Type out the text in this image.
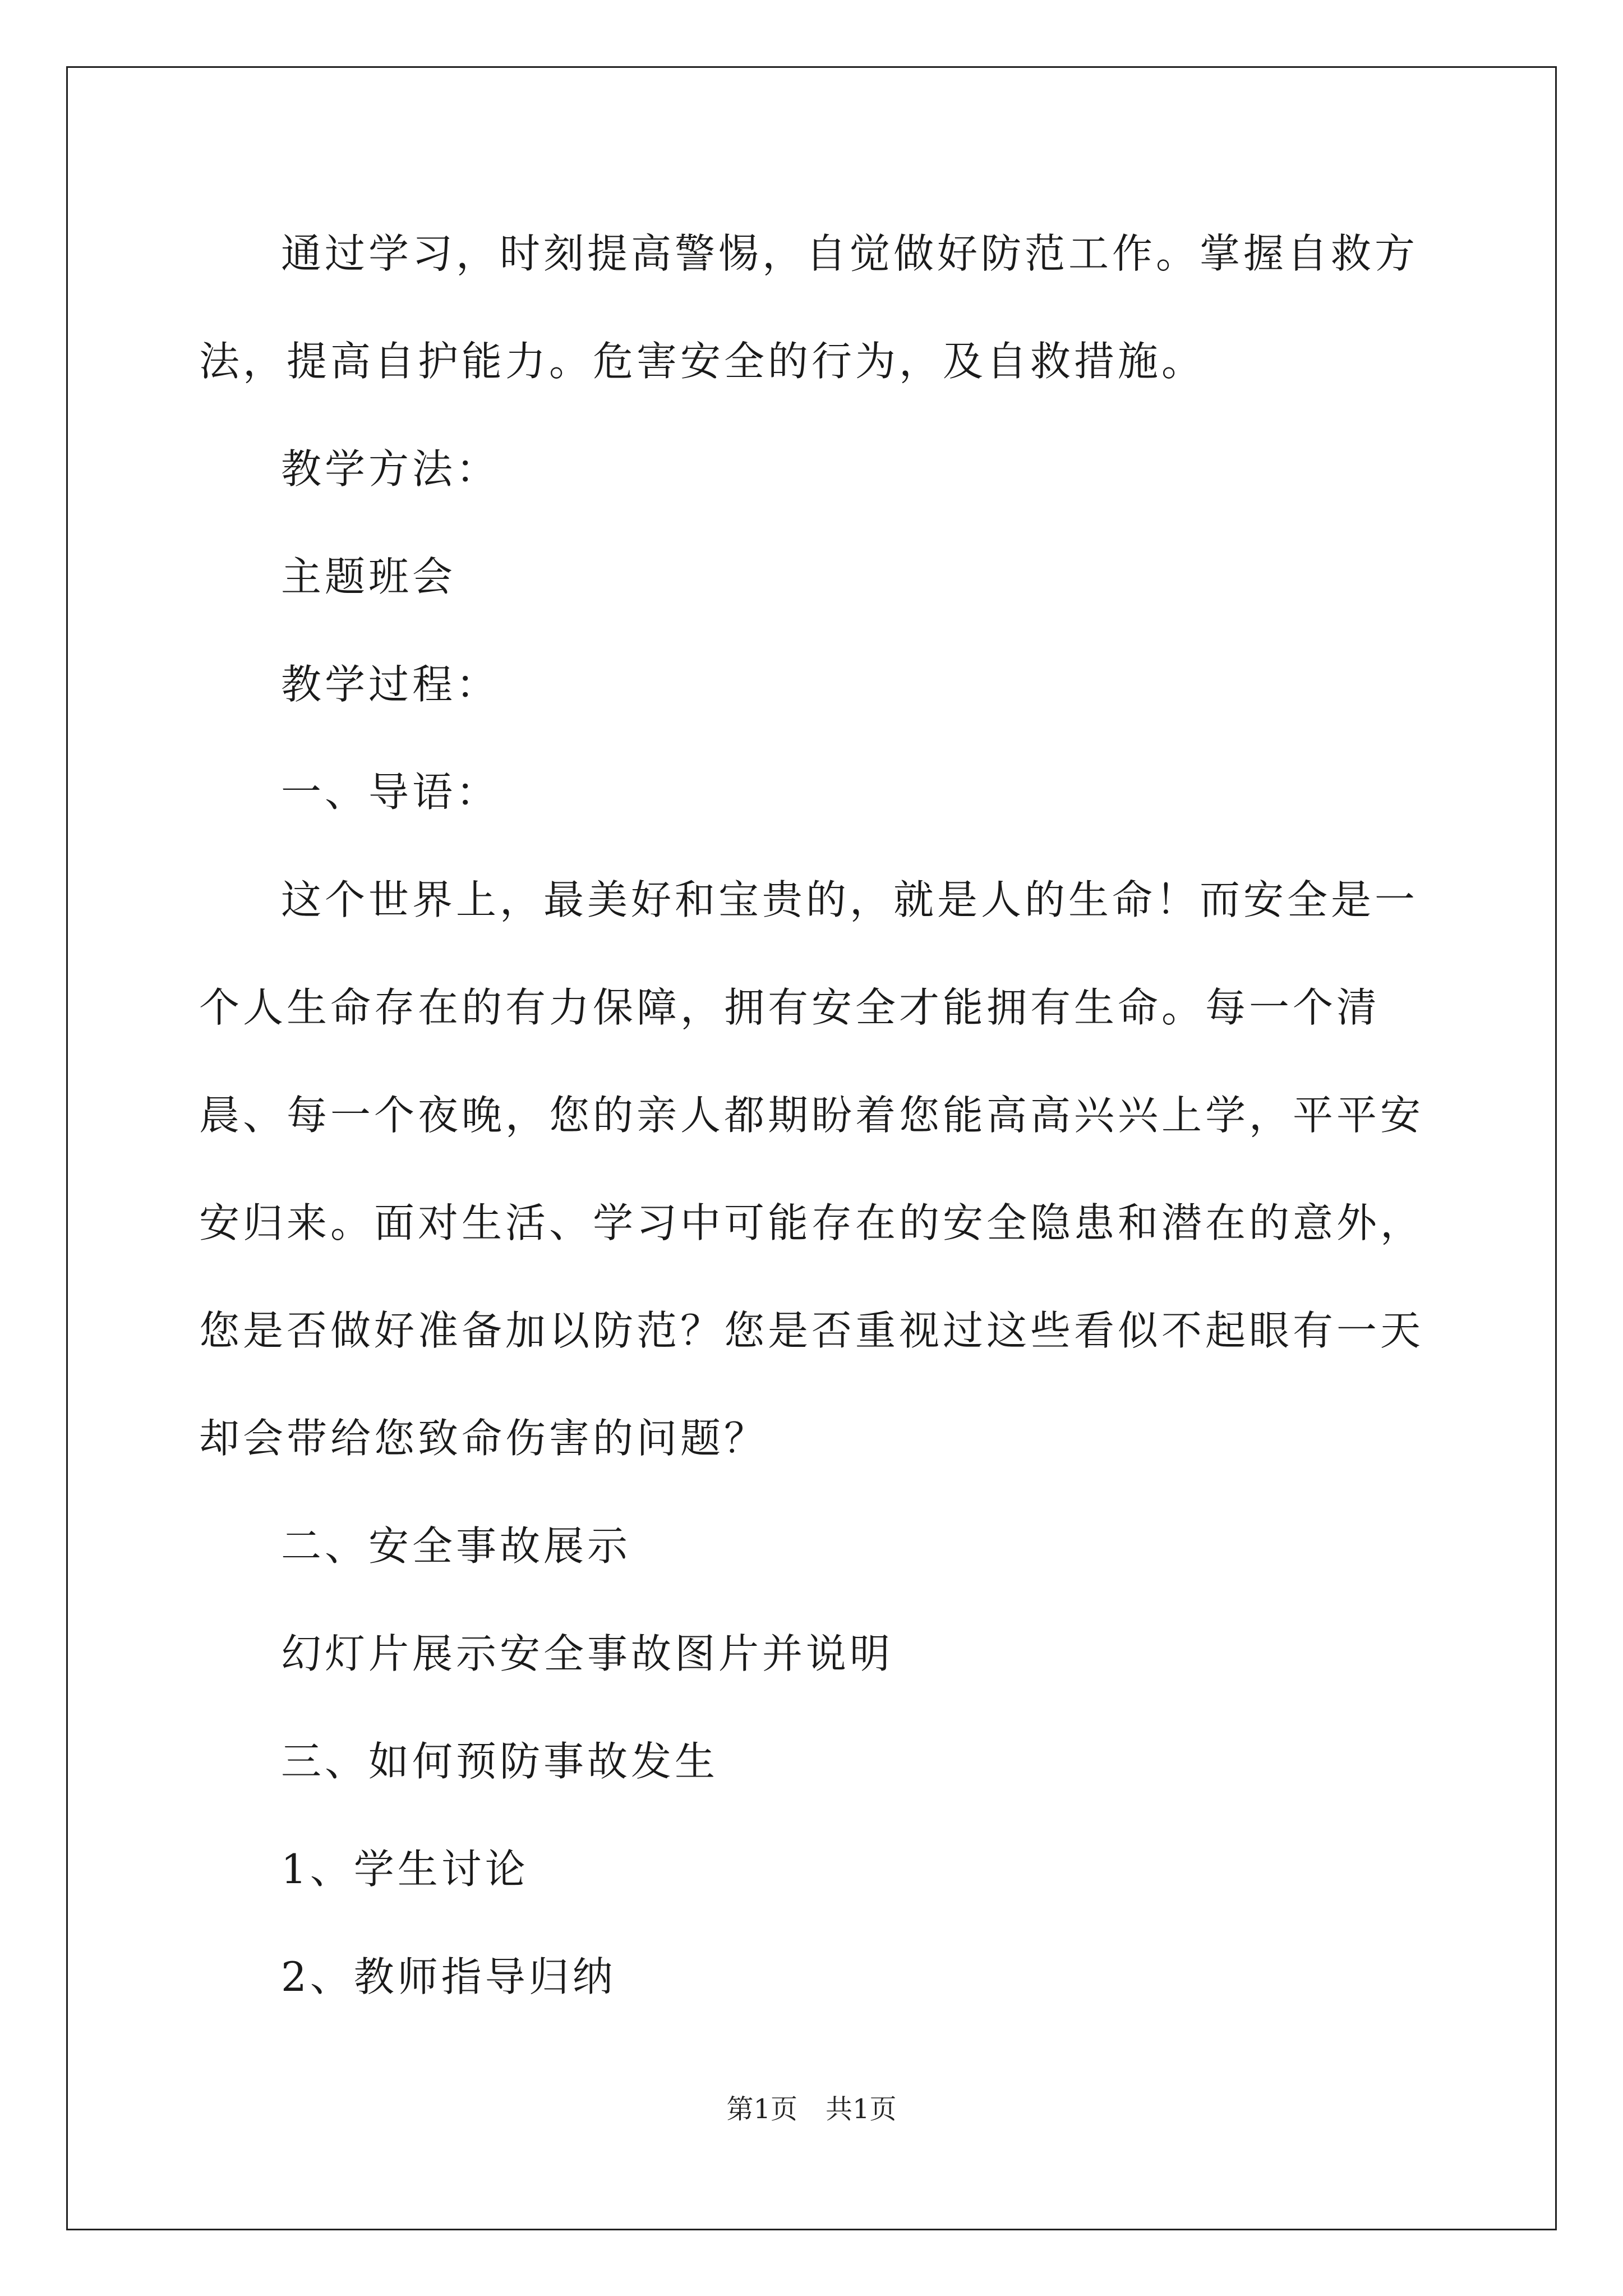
通过学习，时刻提高警惕，自觉做好防范工作。掌握自救方法，提高自护能力。危害安全的行为，及自救措施。

教学方法：

主题班会

教学过程：

一、导语：

这个世界上，最美好和宝贵的，就是人的生命！而安全是一个人生命存在的有力保障，拥有安全才能拥有生命。每一个清晨、每一个夜晚，您的亲人都期盼着您能高高兴兴上学，平平安安归来。面对生活、学习中可能存在的安全隐患和潜在的意外，您是否做好准备加以防范？您是否重视过这些看似不起眼有一天却会带给您致命伤害的问题？

二、安全事故展示

幻灯片展示安全事故图片并说明

三、如何预防事故发生

1、学生讨论

2、教师指导归纳

第1页 共1页
